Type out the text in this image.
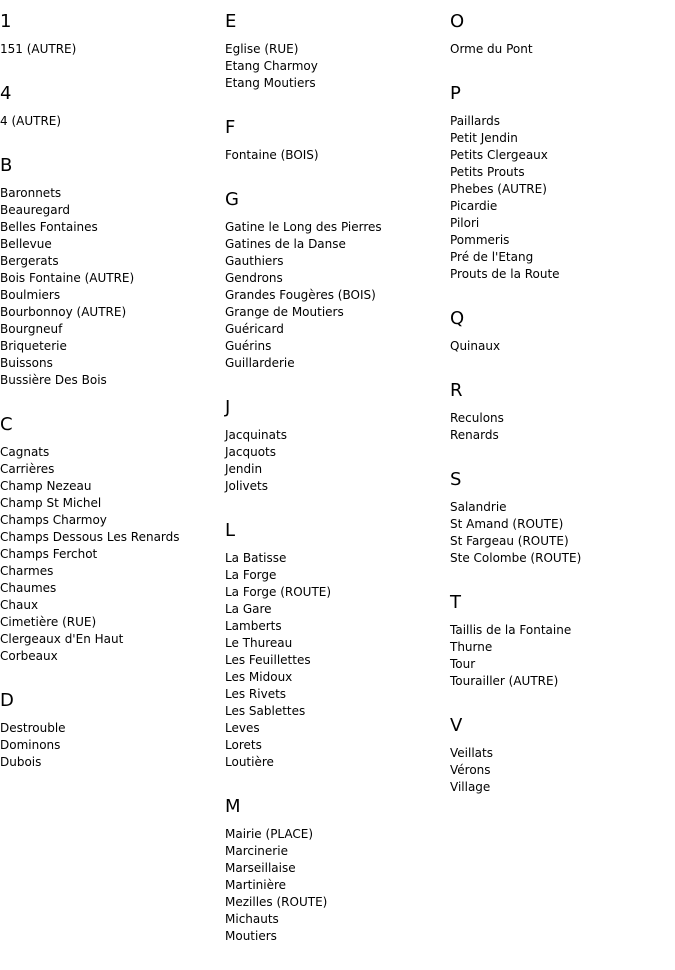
1
151 (AUTRE)
4
4 (AUTRE)
B
Baronnets
Beauregard
Belles Fontaines
Bellevue
Bergerats
Bois Fontaine (AUTRE)
Boulmiers
Bourbonnoy (AUTRE)
Bourgneuf
Briqueterie
Buissons
Bussière Des Bois
C
Cagnats
Carrières
Champ Nezeau
Champ St Michel
Champs Charmoy
Champs Dessous Les Renards
Champs Ferchot
Charmes
Chaumes
Chaux
Cimetière (RUE)
Clergeaux d'En Haut
Corbeaux
D
Destrouble
Dominons
Dubois
E
Eglise (RUE)
Etang Charmoy
Etang Moutiers
F
Fontaine (BOIS)
G
Gatine le Long des Pierres
Gatines de la Danse
Gauthiers
Gendrons
Grandes Fougères (BOIS)
Grange de Moutiers
Guéricard
Guérins
Guillarderie
J
Jacquinats
Jacquots
Jendin
Jolivets
L
La Batisse
La Forge
La Forge (ROUTE)
La Gare
Lamberts
Le Thureau
Les Feuillettes
Les Midoux
Les Rivets
Les Sablettes
Leves
Lorets
Loutière
M
Mairie (PLACE)
Marcinerie
Marseillaise
Martinière
Mezilles (ROUTE)
Michauts
Moutiers
O
Orme du Pont
P
Paillards
Petit Jendin
Petits Clergeaux
Petits Prouts
Phebes (AUTRE)
Picardie
Pilori
Pommeris
Pré de l'Etang
Prouts de la Route
Q
Quinaux
R
Reculons
Renards
S
Salandrie
St Amand (ROUTE)
St Fargeau (ROUTE)
Ste Colombe (ROUTE)
T
Taillis de la Fontaine
Thurne
Tour
Tourailler (AUTRE)
V
Veillats
Vérons
Village
